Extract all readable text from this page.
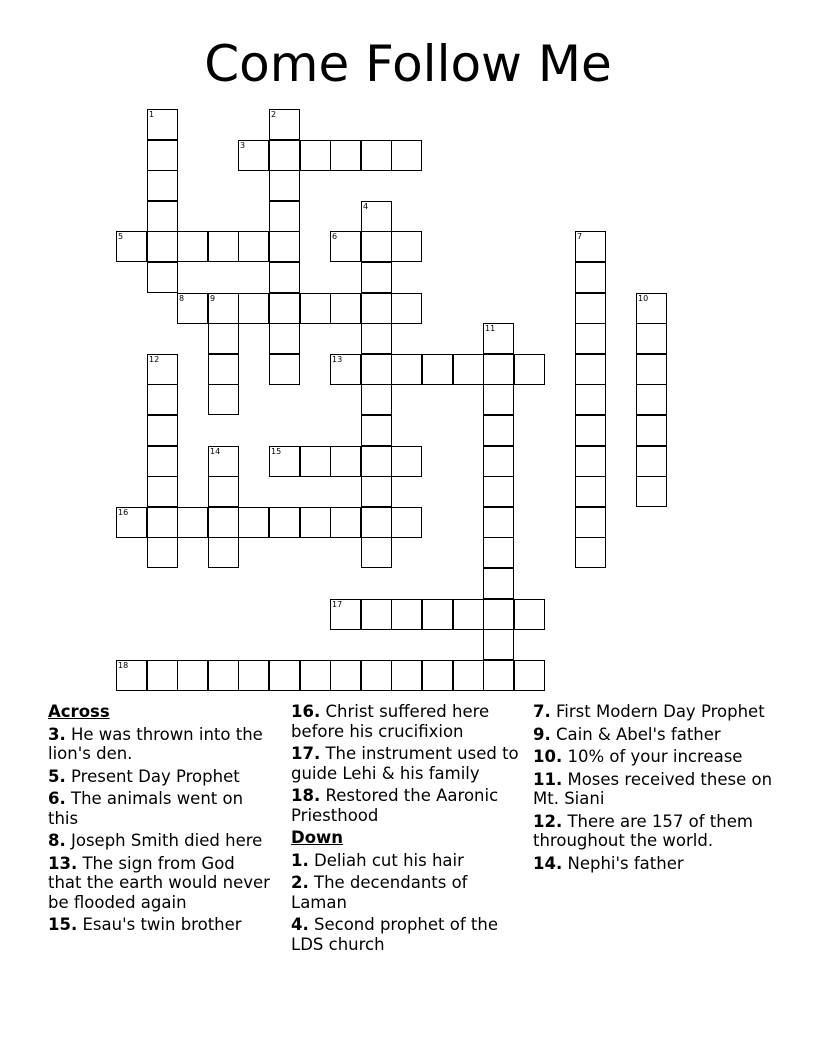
Come Follow Me
3
5	6
8	9
13
15
16
17
18
1	2
4
7
10
11
12
14
Across
3. He was thrown into the lion's den.
5. Present Day Prophet
6. The animals went on this
8. Joseph Smith died here
13. The sign from God that the earth would never be flooded again
15. Esau's twin brother
16. Christ suffered here before his crucifixion
17. The instrument used to guide Lehi & his family
18. Restored the Aaronic Priesthood
Down
1. Deliah cut his hair
2. The decendants of Laman
4. Second prophet of the LDS church
7. First Modern Day Prophet
9. Cain & Abel's father
10. 10% of your increase
11. Moses received these on Mt. Siani
12. There are 157 of them throughout the world.
14. Nephi's father
